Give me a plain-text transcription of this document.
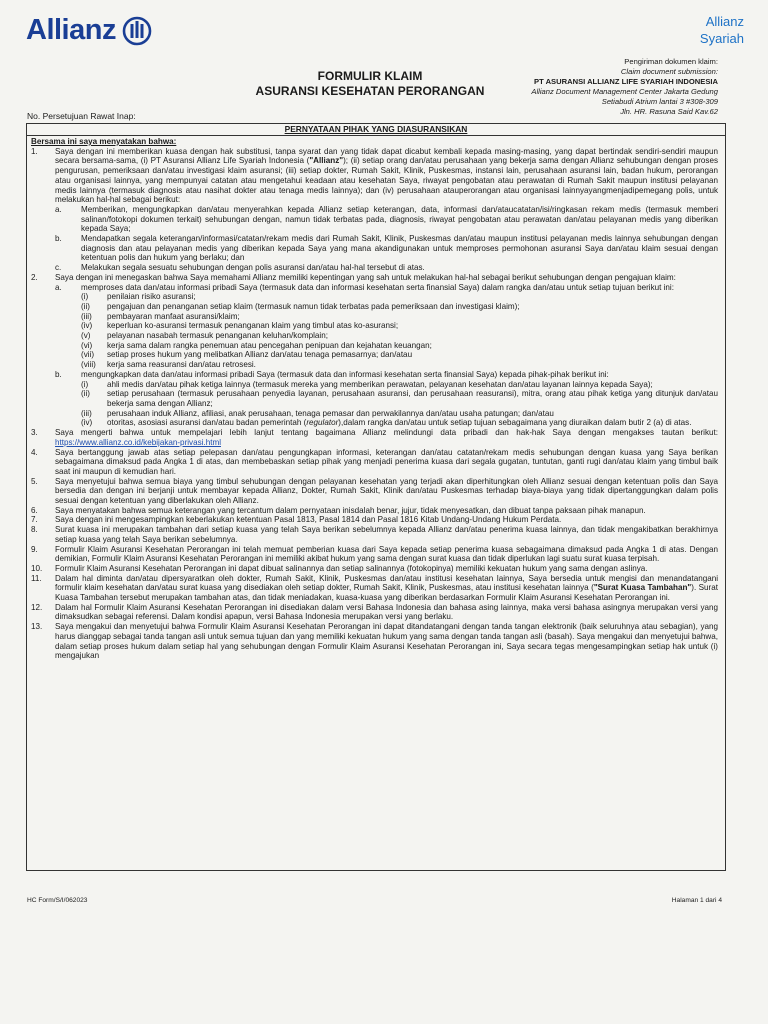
Allianz	Allianz
Syariah
FORMULIR KLAIM
ASURANSI KESEHATAN PERORANGAN
Pengiriman dokumen klaim:
Claim document submission:
PT ASURANSI ALLIANZ LIFE SYARIAH INDONESIA
Allianz Document Management Center Jakarta Gedung
Setiabudi Atrium lantai 3 #308-309
Jln. HR. Rasuna Said Kav.62
No. Persetujuan Rawat Inap:
PERNYATAAN PIHAK YANG DIASURANSIKAN
Bersama ini saya menyatakan bahwa:
1.	Saya dengan ini memberikan kuasa dengan hak substitusi, tanpa syarat dan yang tidak dapat dicabut kembali kepada masing-masing, yang dapat bertindak sendiri-sendiri maupun secara bersama-sama, (i) PT Asuransi Allianz Life Syariah Indonesia ("Allianz"); (ii) setiap orang dan/atau perusahaan yang bekerja sama dengan Allianz sehubungan dengan proses pengurusan, pemeriksaan dan/atau investigasi klaim asuransi; (iii) setiap dokter, Rumah Sakit, Klinik, Puskesmas, instansi lain, perusahaan asuransi lain, badan hukum, perorangan atau organisasi lainnya, yang mempunyai catatan atau mengetahui keadaan atau kesehatan Saya, riwayat pengobatan atau perawatan di Rumah Sakit maupun institusi pelayanan medis lainnya (termasuk diagnosis atau nasihat dokter atau tenaga medis lainnya); dan (iv) perusahaan atauperorangan atau organisasi lainnyayangmenjadipemegang polis, untuk melakukan hal-hal sebagai berikut:
a.	Memberikan, mengungkapkan dan/atau menyerahkan kepada Allianz setiap keterangan, data, informasi dan/ataucatatan/isi/ringkasan rekam medis (termasuk memberi salinan/fotokopi dokumen terkait) sehubungan dengan, namun tidak terbatas pada, diagnosis, riwayat pengobatan atau perawatan dan/atau pelayanan medis yang diberikan kepada Saya;
b.	Mendapatkan segala keterangan/informasi/catatan/rekam medis dari Rumah Sakit, Klinik, Puskesmas dan/atau maupun institusi pelayanan medis lainnya sehubungan dengan diagnosis dan atau pelayanan medis yang diberikan kepada Saya yang mana akandigunakan untuk memproses permohonan asuransi Saya dan/atau klaim sesuai dengan ketentuan polis dan hukum yang berlaku; dan
c.	Melakukan segala sesuatu sehubungan dengan polis asuransi dan/atau hal-hal tersebut di atas.
2.	Saya dengan ini menegaskan bahwa Saya memahami Allianz memiliki kepentingan yang sah untuk melakukan hal-hal sebagai berikut sehubungan dengan pengajuan klaim:
a.	memproses data dan/atau informasi pribadi Saya (termasuk data dan informasi kesehatan serta finansial Saya) dalam rangka dan/atau untuk setiap tujuan berikut ini:
(i)	penilaian risiko asuransi;
(ii)	pengajuan dan penanganan setiap klaim (termasuk namun tidak terbatas pada pemeriksaan dan investigasi klaim);
(iii)	pembayaran manfaat asuransi/klaim;
(iv)	keperluan ko-asuransi termasuk penanganan klaim yang timbul atas ko-asuransi;
(v)	pelayanan nasabah termasuk penanganan keluhan/komplain;
(vi)	kerja sama dalam rangka penemuan atau pencegahan penipuan dan kejahatan keuangan;
(vii)	setiap proses hukum yang melibatkan Allianz dan/atau tenaga pemasarnya; dan/atau
(viii)	kerja sama reasuransi dan/atau retrosesi.
b.	mengungkapkan data dan/atau informasi pribadi Saya (termasuk data dan informasi kesehatan serta finansial Saya) kepada pihak-pihak berikut ini:
(i)	ahli medis dan/atau pihak ketiga lainnya (termasuk mereka yang memberikan perawatan, pelayanan kesehatan dan/atau layanan lainnya kepada Saya);
(ii)	setiap perusahaan (termasuk perusahaan penyedia layanan, perusahaan asuransi, dan perusahaan reasuransi), mitra, orang atau pihak ketiga yang ditunjuk dan/atau bekerja sama dengan Allianz;
(iii)	perusahaan induk Allianz, afiliasi, anak perusahaan, tenaga pemasar dan perwakilannya dan/atau usaha patungan; dan/atau
(iv)	otoritas, asosiasi asuransi dan/atau badan pemerintah (regulator),dalam rangka dan/atau untuk setiap tujuan sebagaimana yang diuraikan dalam butir 2 (a) di atas.
3.	Saya mengerti bahwa untuk mempelajari lebih lanjut tentang bagaimana Allianz melindungi data pribadi dan hak-hak Saya dengan mengakses tautan berikut: https://www.allianz.co.id/kebijakan-privasi.html
4.	Saya bertanggung jawab atas setiap pelepasan dan/atau pengungkapan informasi, keterangan dan/atau catatan/rekam medis sehubungan dengan kuasa yang Saya berikan sebagaimana dimaksud pada Angka 1 di atas, dan membebaskan setiap pihak yang menjadi penerima kuasa dari segala gugatan, tuntutan, ganti rugi dan/atau klaim yang timbul baik saat ini maupun di kemudian hari.
5.	Saya menyetujui bahwa semua biaya yang timbul sehubungan dengan pelayanan kesehatan yang terjadi akan diperhitungkan oleh Allianz sesuai dengan ketentuan polis dan Saya bersedia dan dengan ini berjanji untuk membayar kepada Allianz, Dokter, Rumah Sakit, Klinik dan/atau Puskesmas terhadap biaya-biaya yang tidak dipertanggungkan dalam polis sesuai dengan ketentuan yang diberlakukan oleh Allianz.
6.	Saya menyatakan bahwa semua keterangan yang tercantum dalam pernyataan inisdalah benar, jujur, tidak menyesatkan, dan dibuat tanpa paksaan pihak manapun.
7.	Saya dengan ini mengesampingkan keberlakukan ketentuan Pasal 1813, Pasal 1814 dan Pasal 1816 Kitab Undang-Undang Hukum Perdata.
8.	Surat kuasa ini merupakan tambahan dari setiap kuasa yang telah Saya berikan sebelumnya kepada Allianz dan/atau penerima kuasa lainnya, dan tidak mengakibatkan berakhirnya setiap kuasa yang telah Saya berikan sebelumnya.
9.	Formulir Klaim Asuransi Kesehatan Perorangan ini telah memuat pemberian kuasa dari Saya kepada setiap penerima kuasa sebagaimana dimaksud pada Angka 1 di atas. Dengan demikian, Formulir Klaim Asuransi Kesehatan Perorangan ini memiliki akibat hukum yang sama dengan surat kuasa dan tidak diperlukan lagi suatu surat kuasa terpisah.
10.	Formulir Klaim Asuransi Kesehatan Perorangan ini dapat dibuat salinannya dan setiap salinannya (fotokopinya) memiliki kekuatan hukum yang sama dengan aslinya.
11.	Dalam hal diminta dan/atau dipersyaratkan oleh dokter, Rumah Sakit, Klinik, Puskesmas dan/atau institusi kesehatan lainnya, Saya bersedia untuk mengisi dan menandatangani formulir klaim kesehatan dan/atau surat kuasa yang disediakan oleh setiap dokter, Rumah Sakit, Klinik, Puskesmas, atau institusi kesehatan lainnya ("Surat Kuasa Tambahan"). Surat Kuasa Tambahan tersebut merupakan tambahan atas, dan tidak meniadakan, kuasa-kuasa yang diberikan berdasarkan Formulir Klaim Asuransi Kesehatan Perorangan ini.
12.	Dalam hal Formulir Klaim Asuransi Kesehatan Perorangan ini disediakan dalam versi Bahasa Indonesia dan bahasa asing lainnya, maka versi bahasa asingnya merupakan versi yang dimaksudkan sebagai referensi. Dalam kondisi apapun, versi Bahasa Indonesia merupakan versi yang berlaku.
13.	Saya mengakui dan menyetujui bahwa Formulir Klaim Asuransi Kesehatan Perorangan ini dapat ditandatangani dengan tanda tangan elektronik (baik seluruhnya atau sebagian), yang harus dianggap sebagai tanda tangan asli untuk semua tujuan dan yang memiliki kekuatan hukum yang sama dengan tanda tangan asli (basah). Saya mengakui dan menyetujui bahwa, dalam setiap proses hukum dalam setiap hal yang sehubungan dengan Formulir Klaim Asuransi Kesehatan Perorangan ini, Saya secara tegas mengesampingkan setiap hak untuk (i) mengajukan
HC Form/S/I/062023	Halaman 1 dari 4
